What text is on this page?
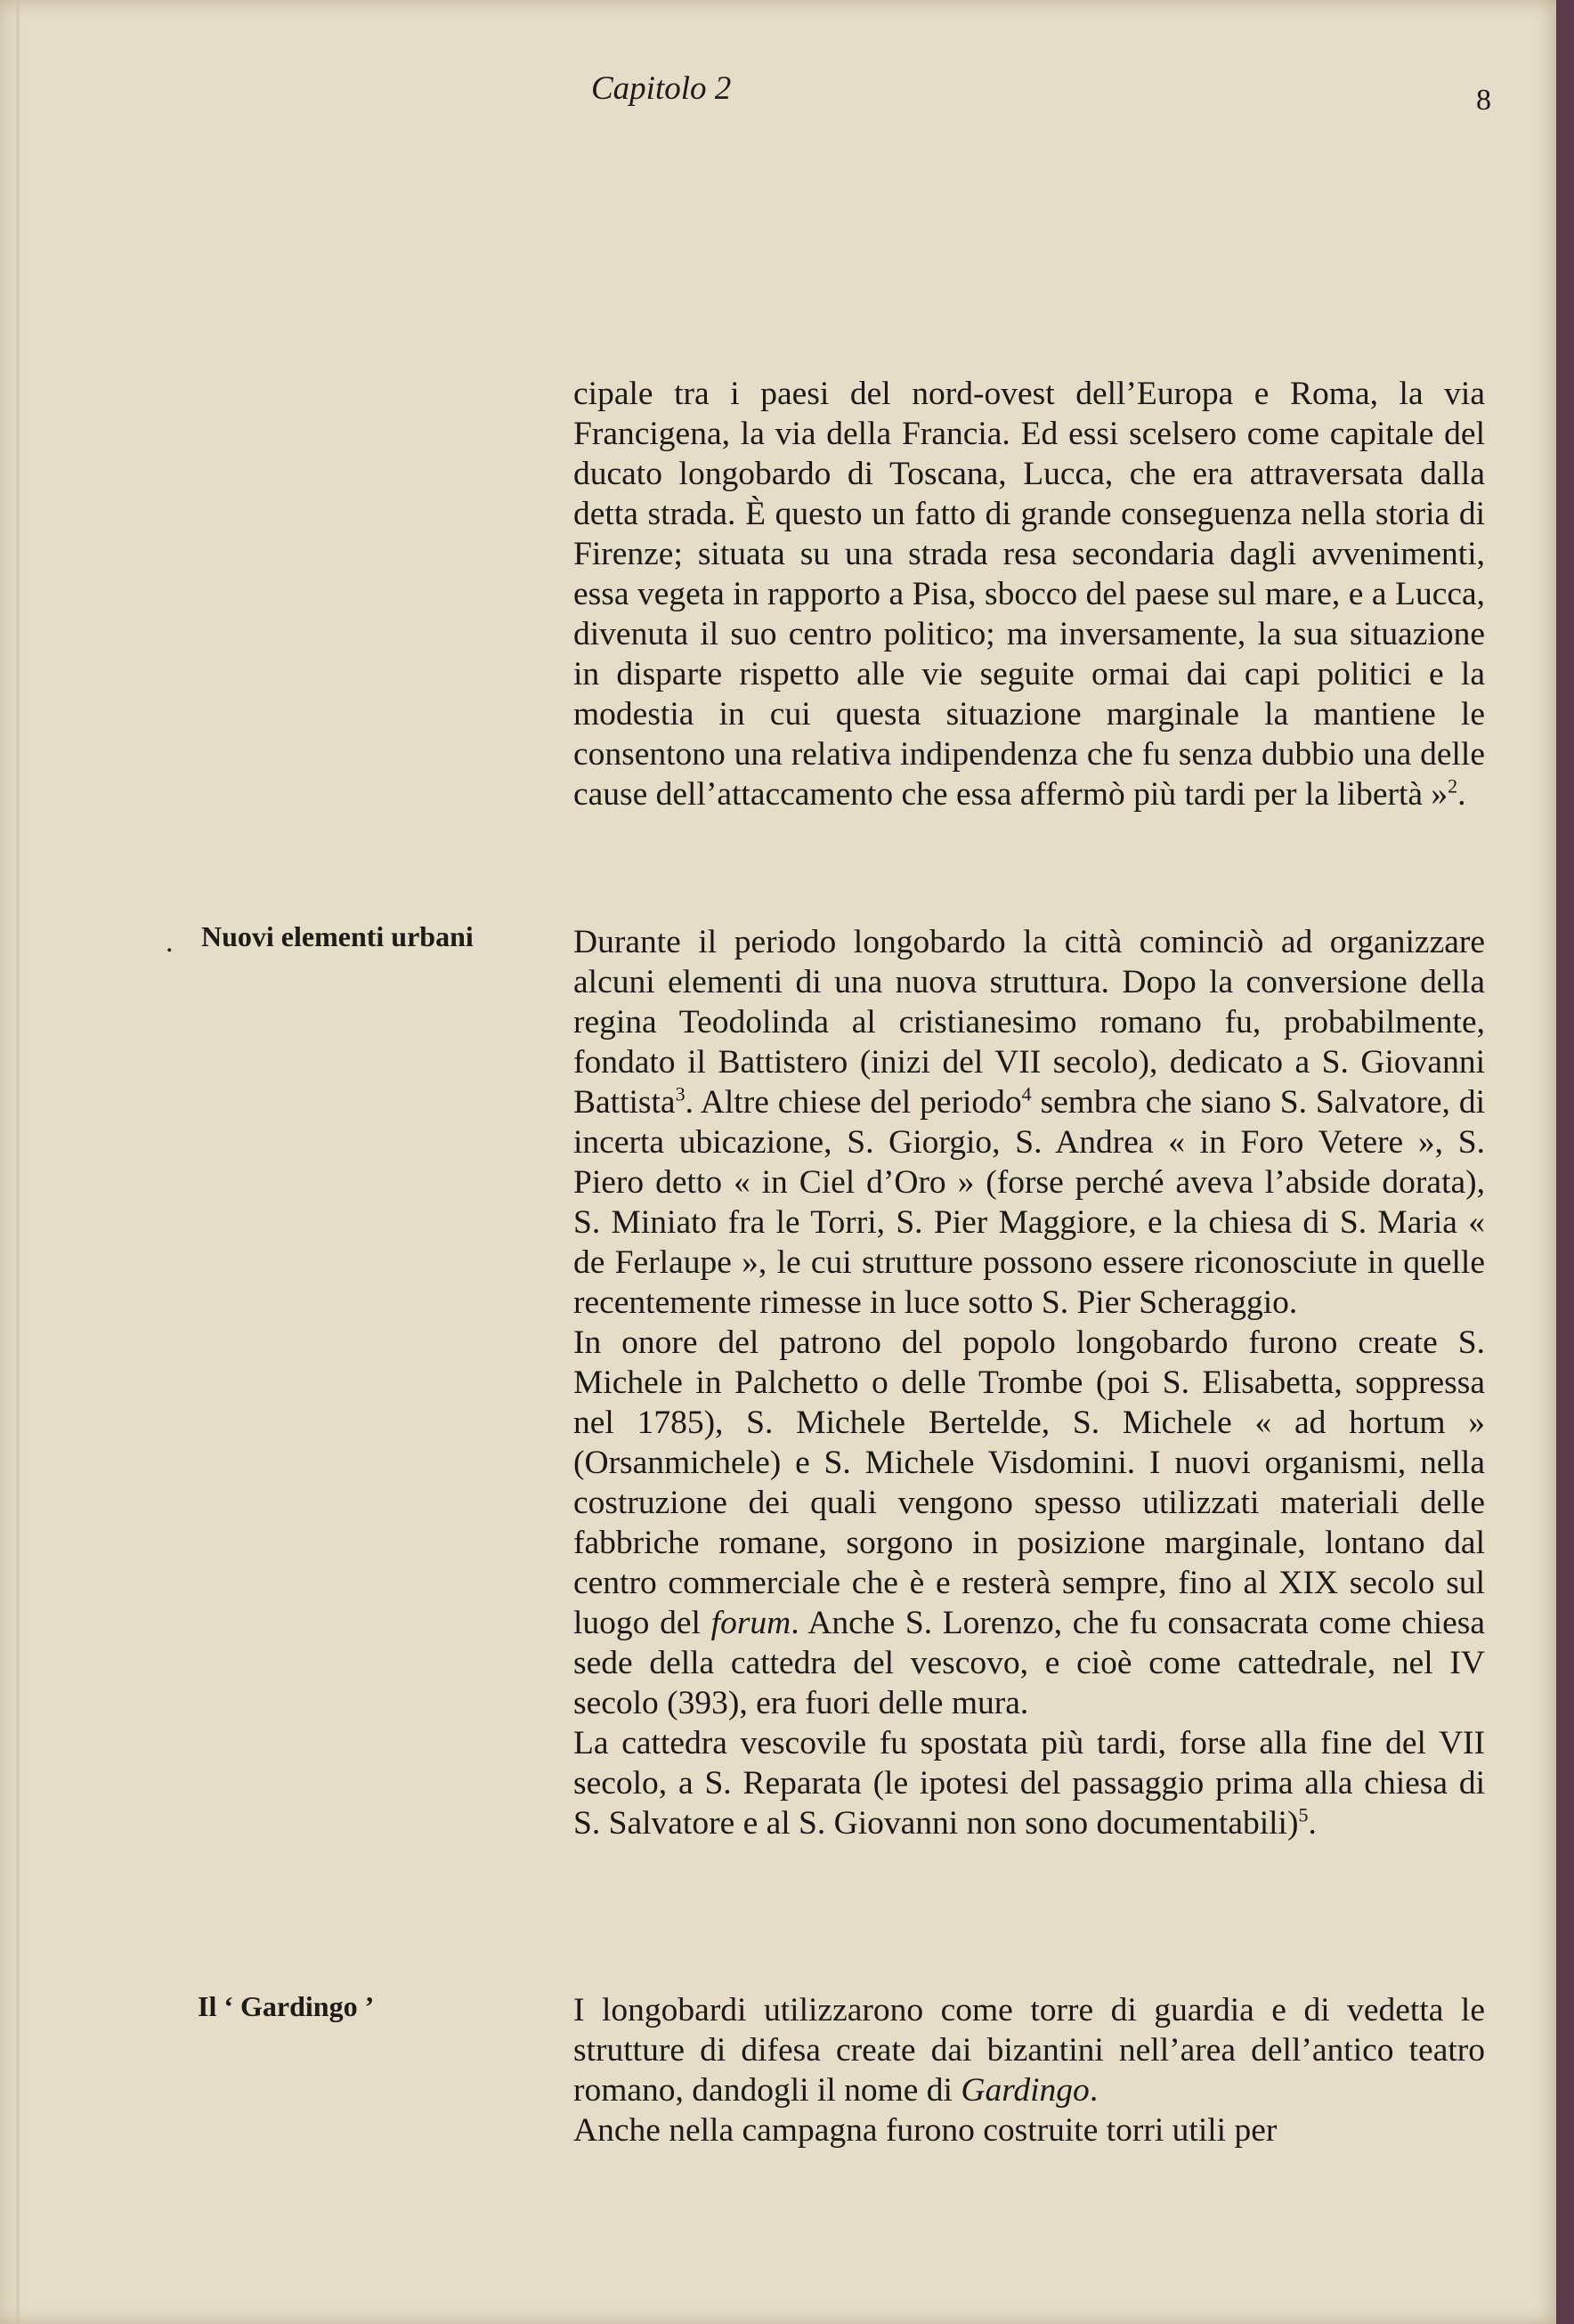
Capitolo 2	8
. Nuovi elementi urbani
Il ‘ Gardingo ’

cipale tra i paesi del nord-ovest dell’Europa e Roma, la via Francigena, la via della Francia. Ed essi scelsero come capitale del ducato longobardo di Toscana, Lucca, che era attraversata dalla detta strada. È questo un fatto di grande conseguenza nella storia di Firenze; situata su una strada resa secondaria dagli avvenimenti, essa vegeta in rapporto a Pisa, sbocco del paese sul mare, e a Lucca, divenuta il suo centro politico; ma inversamente, la sua situazione in disparte rispetto alle vie seguite ormai dai capi politici e la modestia in cui questa situazione marginale la mantiene le consentono una relativa indipendenza che fu senza dubbio una delle cause dell’attaccamento che essa affermò più tardi per la libertà »$^2$.

Durante il periodo longobardo la città cominciò ad organizzare alcuni elementi di una nuova struttura. Dopo la conversione della regina Teodolinda al cristianesimo romano fu, probabilmente, fondato il Battistero (inizi del VII secolo), dedicato a S. Giovanni Battista$^3$. Altre chiese del periodo$^4$ sembra che siano S. Salvatore, di incerta ubicazione, S. Giorgio, S. Andrea « in Foro Vetere », S. Piero detto « in Ciel d’Oro » (forse perché aveva l’abside dorata), S. Miniato fra le Torri, S. Pier Maggiore, e la chiesa di S. Maria « de Ferlaupe », le cui strutture possono essere riconosciute in quelle recentemente rimesse in luce sotto S. Pier Scheraggio.

In onore del patrono del popolo longobardo furono create S. Michele in Palchetto o delle Trombe (poi S. Elisabetta, soppressa nel 1785), S. Michele Bertelde, S. Michele « ad hortum » (Orsanmichele) e S. Michele Visdomini. I nuovi organismi, nella costruzione dei quali vengono spesso utilizzati materiali delle fabbriche romane, sorgono in posizione marginale, lontano dal centro commerciale che è e resterà sempre, fino al XIX secolo sul luogo del forum. Anche S. Lorenzo, che fu consacrata come chiesa sede della cattedra del vescovo, e cioè come cattedrale, nel IV secolo (393), era fuori delle mura.

La cattedra vescovile fu spostata più tardi, forse alla fine del VII secolo, a S. Reparata (le ipotesi del passaggio prima alla chiesa di S. Salvatore e al S. Giovanni non sono documentabili)$^5$.

I longobardi utilizzarono come torre di guardia e di vedetta le strutture di difesa create dai bizantini nell’area dell’antico teatro romano, dandogli il nome di Gardingo.

Anche nella campagna furono costruite torri utili per
